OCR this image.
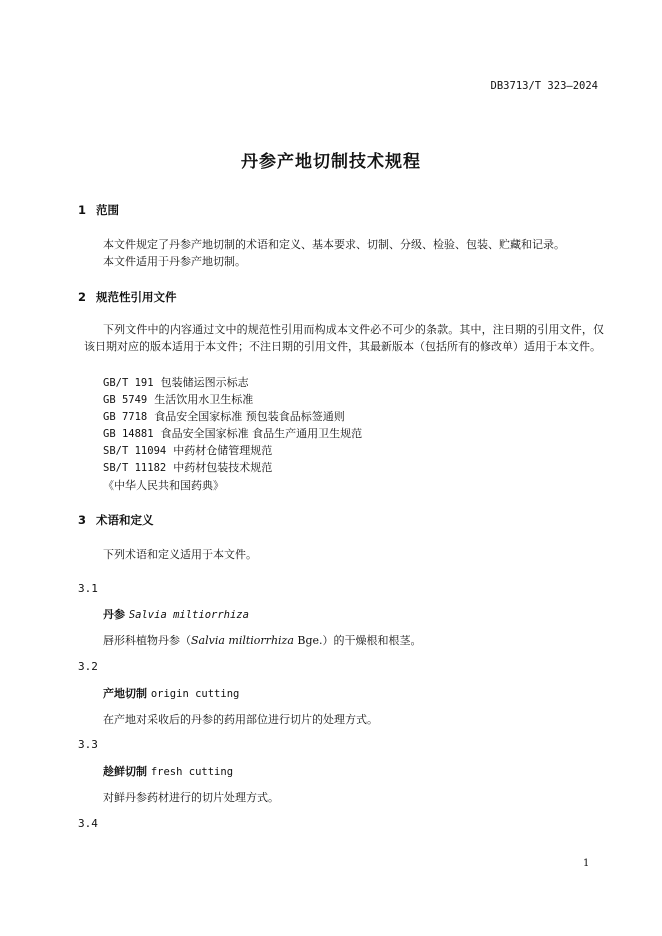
DB3713/T 323—2024
丹参产地切制技术规程
1 范围
本文件规定了丹参产地切制的术语和定义、基本要求、切制、分级、检验、包装、贮藏和记录。
本文件适用于丹参产地切制。
2 规范性引用文件
下列文件中的内容通过文中的规范性引用而构成本文件必不可少的条款。其中，注日期的引用文件，仅该日期对应的版本适用于本文件；不注日期的引用文件，其最新版本（包括所有的修改单）适用于本文件。
GB/T 191 包装储运图示标志
GB 5749 生活饮用水卫生标准
GB 7718 食品安全国家标准 预包装食品标签通则
GB 14881 食品安全国家标准 食品生产通用卫生规范
SB/T 11094 中药材仓储管理规范
SB/T 11182 中药材包装技术规范
《中华人民共和国药典》
3 术语和定义
下列术语和定义适用于本文件。
3.1
丹参 Salvia miltiorrhiza
唇形科植物丹参（Salvia miltiorrhiza Bge.）的干燥根和根茎。
3.2
产地切制 origin cutting
在产地对采收后的丹参的药用部位进行切片的处理方式。
3.3
趁鲜切制 fresh cutting
对鲜丹参药材进行的切片处理方式。
3.4
1
